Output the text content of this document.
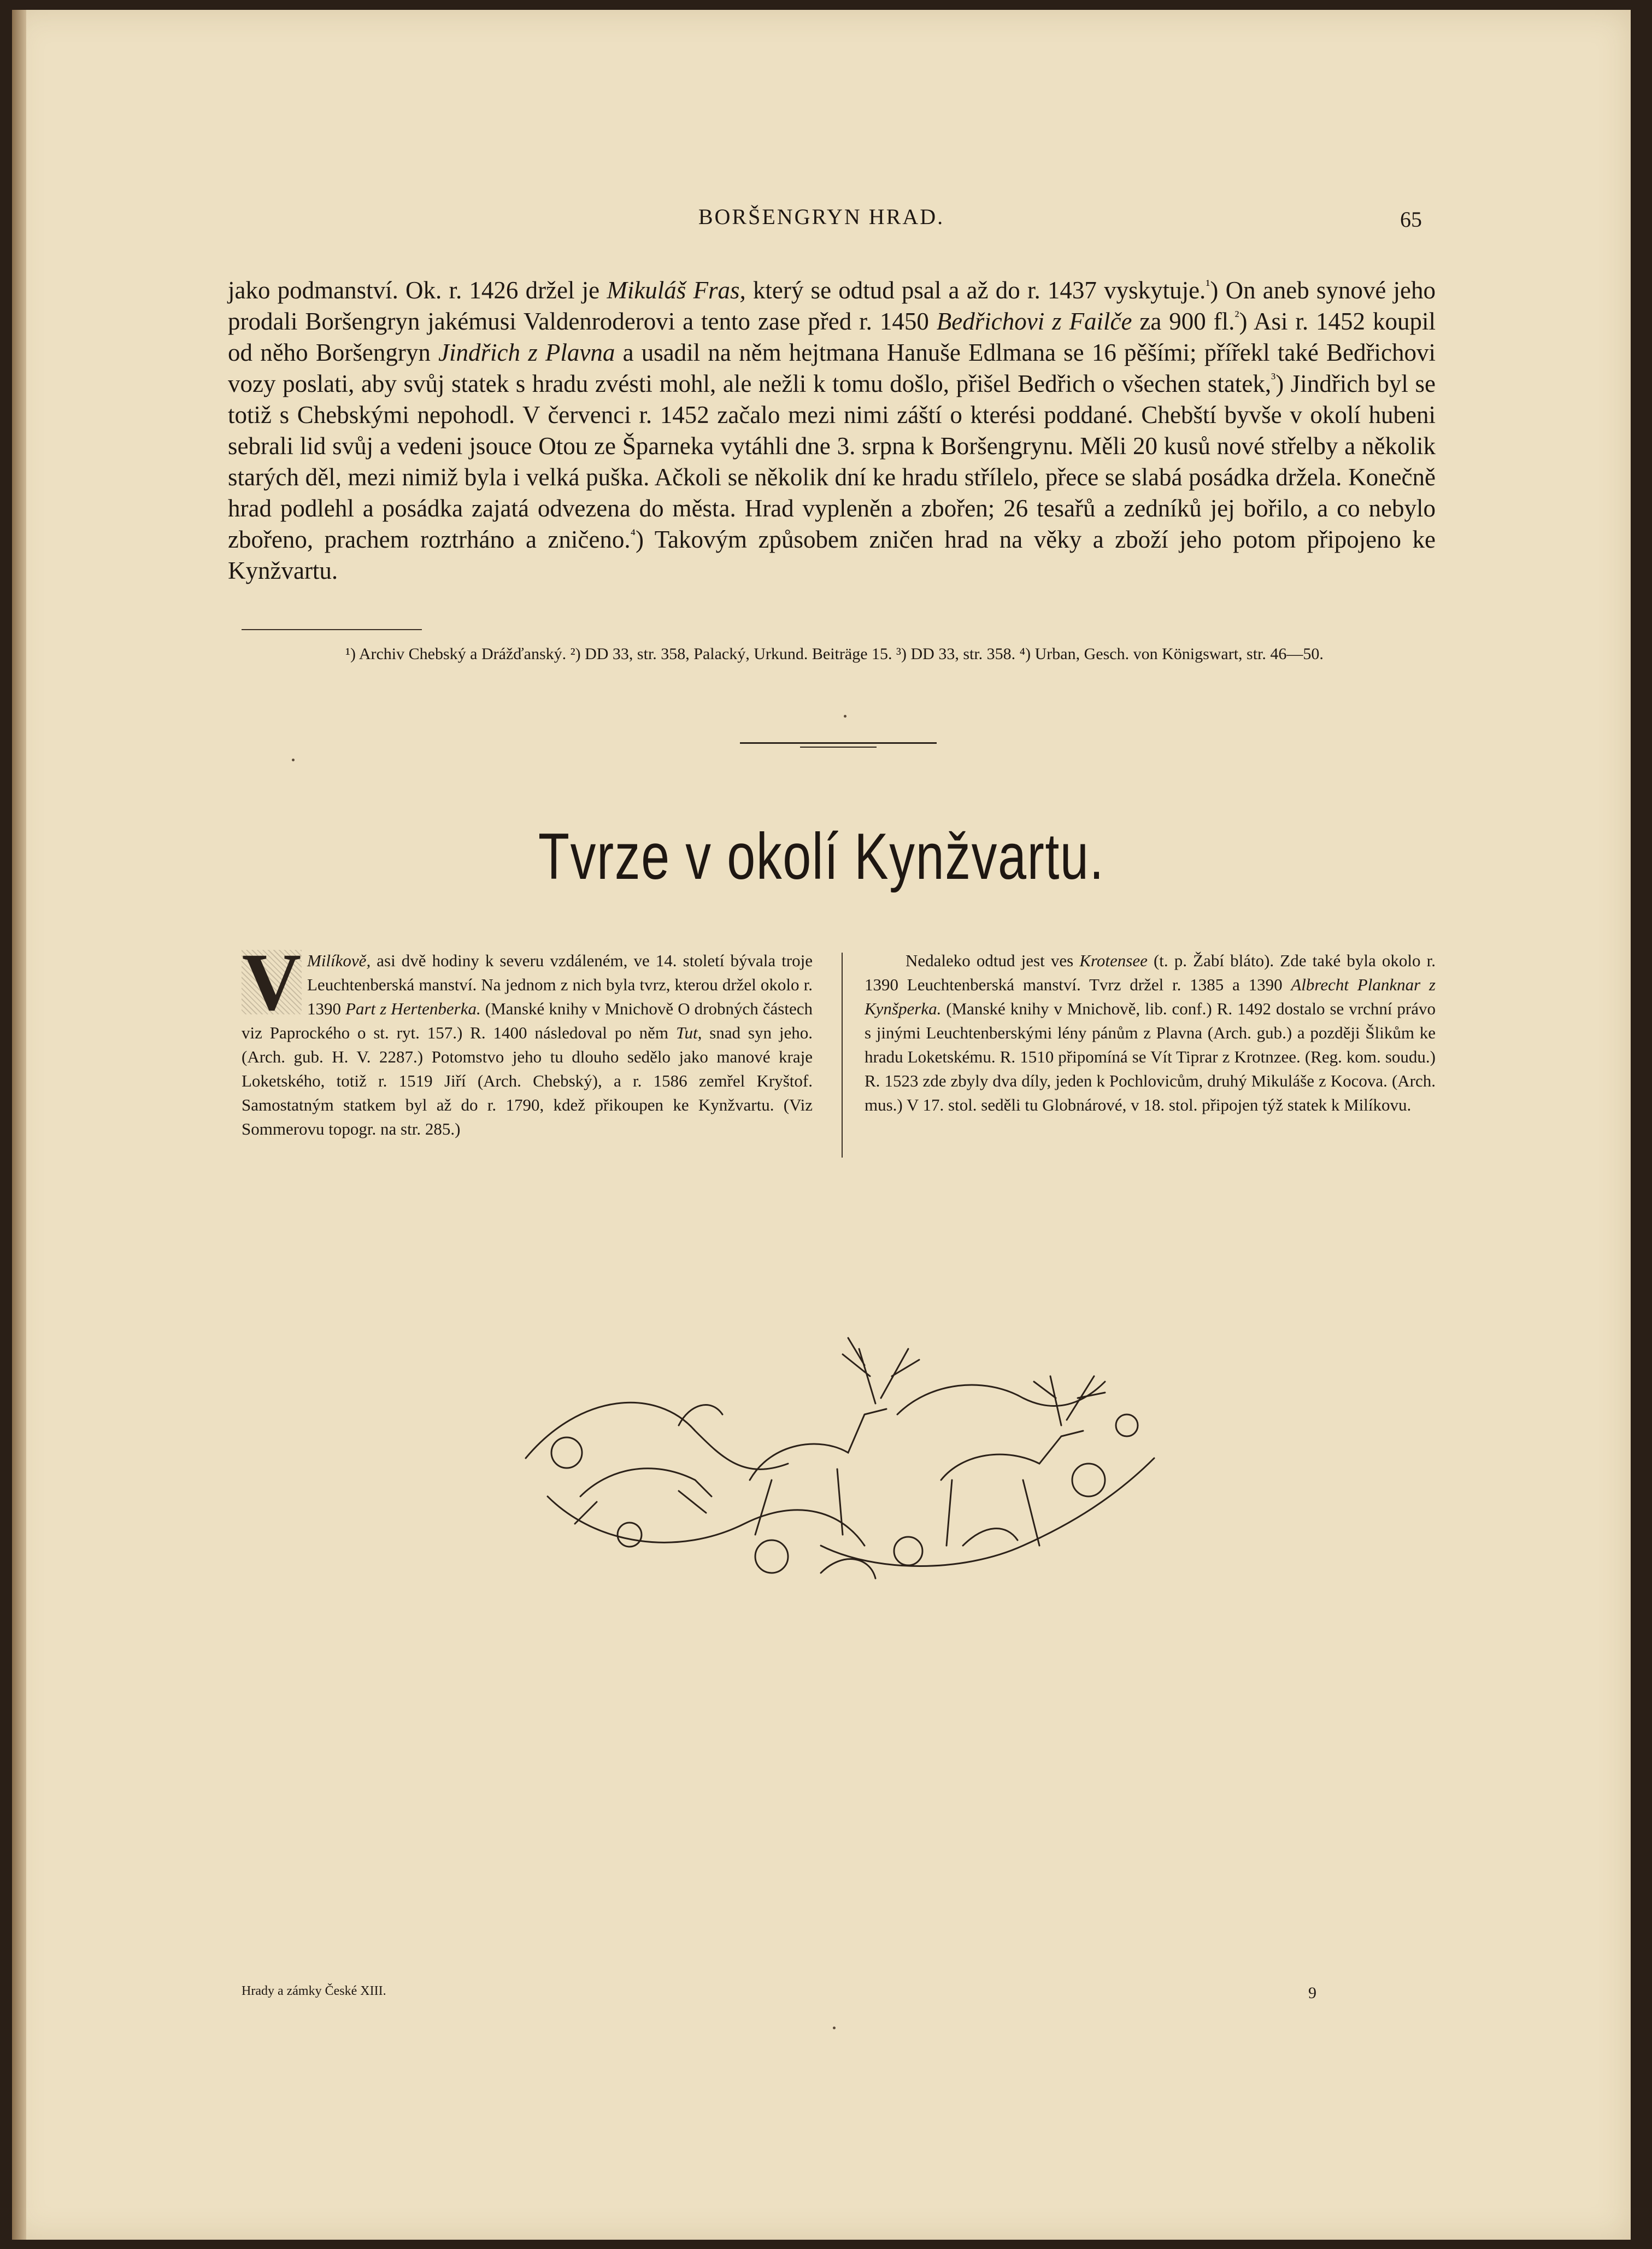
BORŠENGRYN HRAD.	65

jako podmanství. Ok. r. 1426 držel je Mikuláš Fras, který se odtud psal a až do r. 1437 vyskytuje.$^{^1}$) On aneb synové jeho prodali Boršengryn jakémusi Valdenroderovi a tento zase před r. 1450 Bedřichovi z Failče za 900 fl.$^{^2}$) Asi r. 1452 koupil od něho Boršengryn Jindřich z Plavna a usadil na něm hejtmana Hanuše Edlmana se 16 pěšími; přířekl také Bedřichovi vozy poslati, aby svůj statek s hradu zvésti mohl, ale nežli k tomu došlo, přišel Bedřich o všechen statek,$^{^3}$) Jindřich byl se totiž s Chebskými nepohodl. V červenci r. 1452 začalo mezi nimi záští o kterési poddané. Chebští byvše v okolí hubeni sebrali lid svůj a vedeni jsouce Otou ze Šparneka vytáhli dne 3. srpna k Boršengrynu. Měli 20 kusů nové střelby a několik starých děl, mezi nimiž byla i velká puška. Ačkoli se několik dní ke hradu střílelo, přece se slabá posádka držela. Konečně hrad podlehl a posádka zajatá odvezena do města. Hrad vypleněn a zbořen; 26 tesařů a zedníků jej bořilo, a co nebylo zbořeno, prachem roztrháno a zničeno.$^{^4}$) Takovým způsobem zničen hrad na věky a zboží jeho potom připojeno ke Kynžvartu.

¹) Archiv Chebský a Drážďanský. ²) DD 33, str. 358, Palacký, Urkund. Beiträge 15. ³) DD 33, str. 358. ⁴) Urban, Gesch. von Königswart, str. 46—50.

Tvrze v okolí Kynžvartu.

V Milíkově, asi dvě hodiny k severu vzdáleném, ve 14. století bývala troje Leuchtenberská manství. Na jednom z nich byla tvrz, kterou držel okolo r. 1390 Part z Hertenberka. (Manské knihy v Mnichově O drobných částech viz Paprockého o st. ryt. 157.) R. 1400 následoval po něm Tut, snad syn jeho. (Arch. gub. H. V. 2287.) Potomstvo jeho tu dlouho sedělo jako manové kraje Loketského, totiž r. 1519 Jiří (Arch. Chebský), a r. 1586 zemřel Kryštof. Samostatným statkem byl až do r. 1790, kdež přikoupen ke Kynžvartu. (Viz Sommerovu topogr. na str. 285.)

Nedaleko odtud jest ves Krotensee (t. p. Žabí bláto). Zde také byla okolo r. 1390 Leuchtenberská manství. Tvrz držel r. 1385 a 1390 Albrecht Planknar z Kynšperka. (Manské knihy v Mnichově, lib. conf.) R. 1492 dostalo se vrchní právo s jinými Leuchtenberskými lény pánům z Plavna (Arch. gub.) a později Šlikům ke hradu Loketskému. R. 1510 připomíná se Vít Tiprar z Krotnzee. (Reg. kom. soudu.) R. 1523 zde zbyly dva díly, jeden k Pochlovicům, druhý Mikuláše z Kocova. (Arch. mus.) V 17. stol. seděli tu Globnárové, v 18. stol. připojen týž statek k Milíkovu.

Hrady a zámky České XIII.	9
